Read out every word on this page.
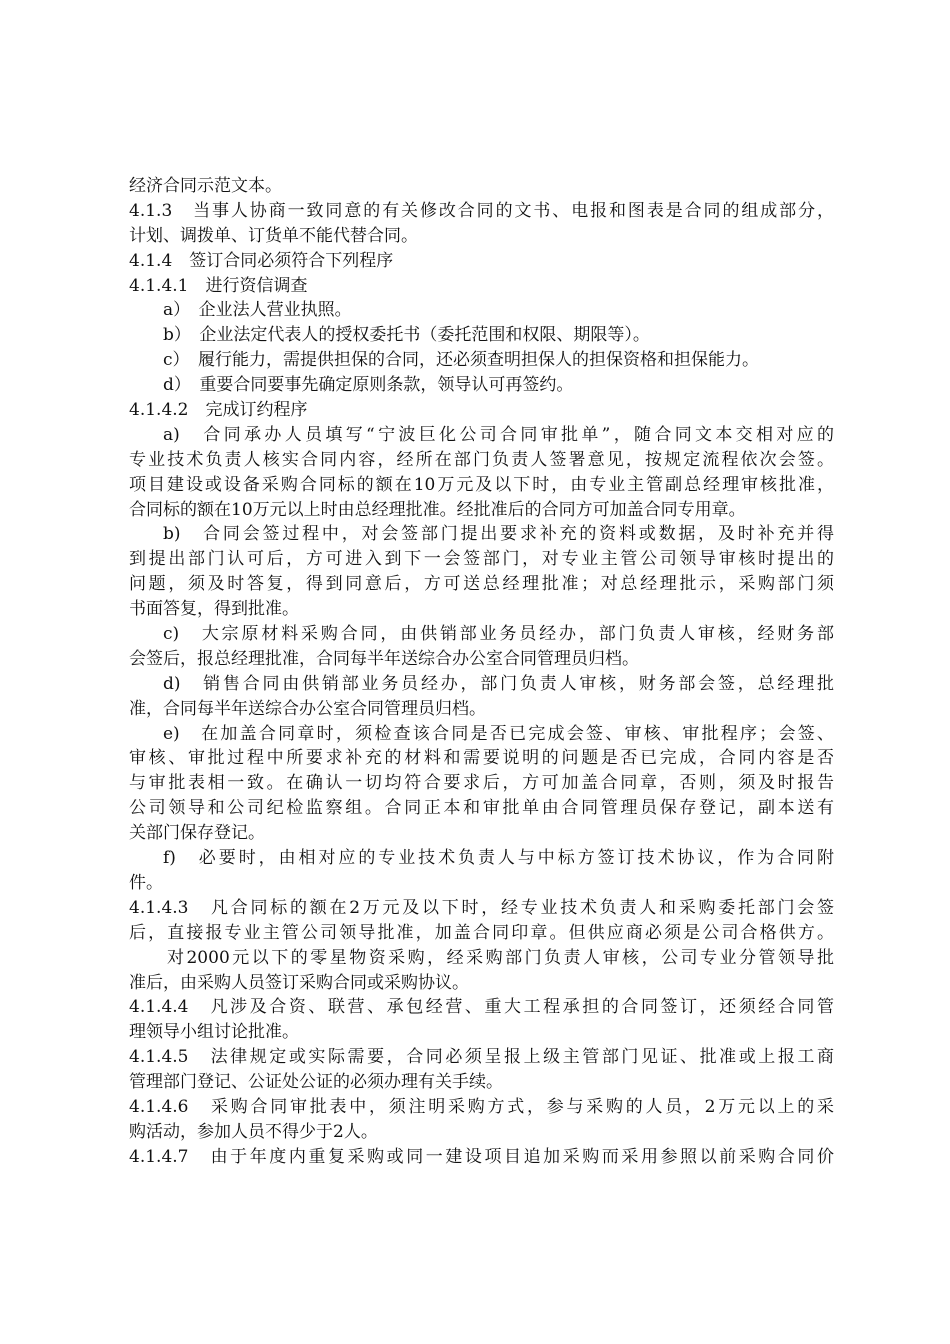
经济合同示范文本。
4.1.3　当事人协商一致同意的有关修改合同的文书、电报和图表是合同的组成部分，
计划、调拨单、订货单不能代替合同。
4.1.4　签订合同必须符合下列程序
4.1.4.1　进行资信调查
a）　企业法人营业执照。
b）　企业法定代表人的授权委托书（委托范围和权限、期限等）。
c）　履行能力，需提供担保的合同，还必须查明担保人的担保资格和担保能力。
d）　重要合同要事先确定原则条款，领导认可再签约。
4.1.4.2　完成订约程序
a)　合同承办人员填写“宁波巨化公司合同审批单”，随合同文本交相对应的
专业技术负责人核实合同内容，经所在部门负责人签署意见，按规定流程依次会签。
项目建设或设备采购合同标的额在10万元及以下时，由专业主管副总经理审核批准，
合同标的额在10万元以上时由总经理批准。经批准后的合同方可加盖合同专用章。
b)　合同会签过程中，对会签部门提出要求补充的资料或数据，及时补充并得
到提出部门认可后，方可进入到下一会签部门，对专业主管公司领导审核时提出的
问题，须及时答复，得到同意后，方可送总经理批准；对总经理批示，采购部门须
书面答复，得到批准。
c)　大宗原材料采购合同，由供销部业务员经办，部门负责人审核，经财务部
会签后，报总经理批准，合同每半年送综合办公室合同管理员归档。
d)　销售合同由供销部业务员经办，部门负责人审核，财务部会签，总经理批
准，合同每半年送综合办公室合同管理员归档。
e)　在加盖合同章时，须检查该合同是否已完成会签、审核、审批程序；会签、
审核、审批过程中所要求补充的材料和需要说明的问题是否已完成，合同内容是否
与审批表相一致。在确认一切均符合要求后，方可加盖合同章，否则，须及时报告
公司领导和公司纪检监察组。合同正本和审批单由合同管理员保存登记，副本送有
关部门保存登记。
f)　必要时，由相对应的专业技术负责人与中标方签订技术协议，作为合同附
件。
4.1.4.3　凡合同标的额在2万元及以下时，经专业技术负责人和采购委托部门会签
后，直接报专业主管公司领导批准，加盖合同印章。但供应商必须是公司合格供方。
对2000元以下的零星物资采购，经采购部门负责人审核，公司专业分管领导批
准后，由采购人员签订采购合同或采购协议。
4.1.4.4　凡涉及合资、联营、承包经营、重大工程承担的合同签订，还须经合同管
理领导小组讨论批准。
4.1.4.5　法律规定或实际需要，合同必须呈报上级主管部门见证、批准或上报工商
管理部门登记、公证处公证的必须办理有关手续。
4.1.4.6　采购合同审批表中，须注明采购方式，参与采购的人员，2万元以上的采
购活动，参加人员不得少于2人。
4.1.4.7　由于年度内重复采购或同一建设项目追加采购而采用参照以前采购合同价
